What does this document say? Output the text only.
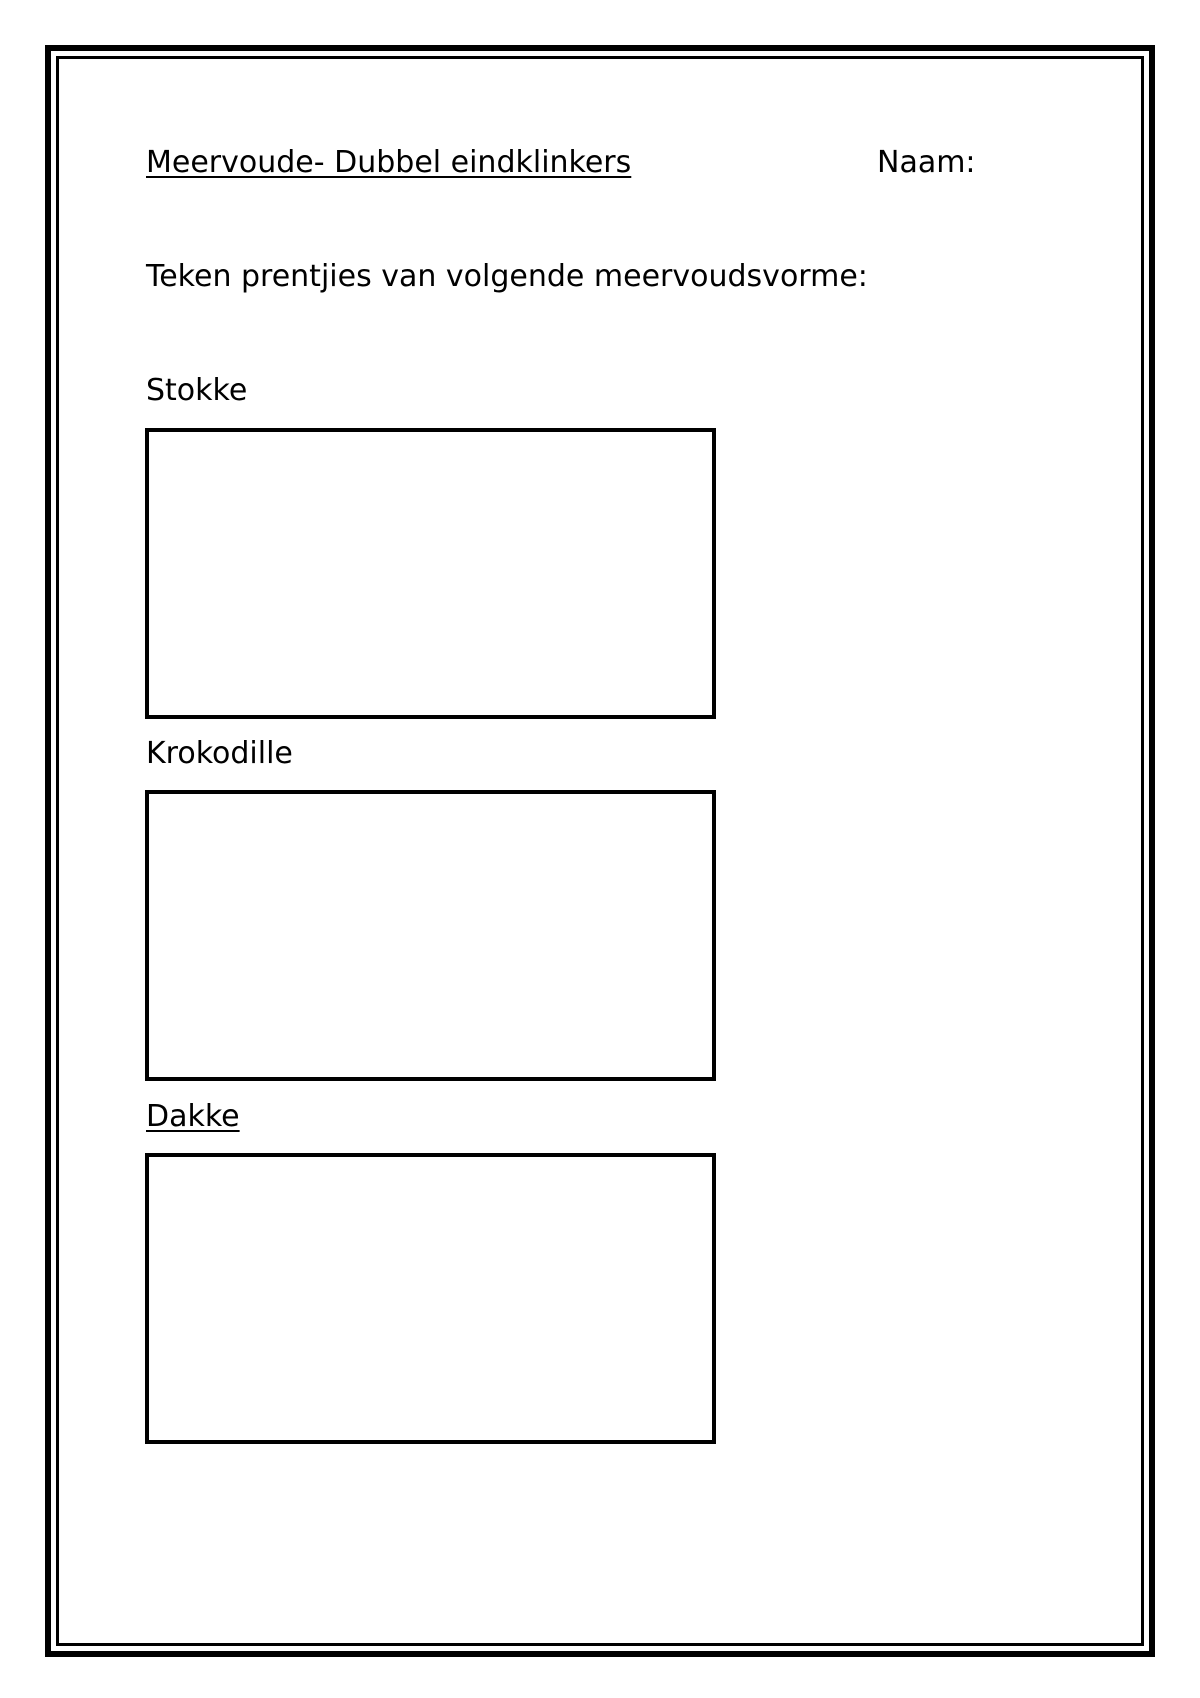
Meervoude- Dubbel eindklinkers	Naam:
Teken prentjies van volgende meervoudsvorme:
Stokke
Krokodille
Dakke
